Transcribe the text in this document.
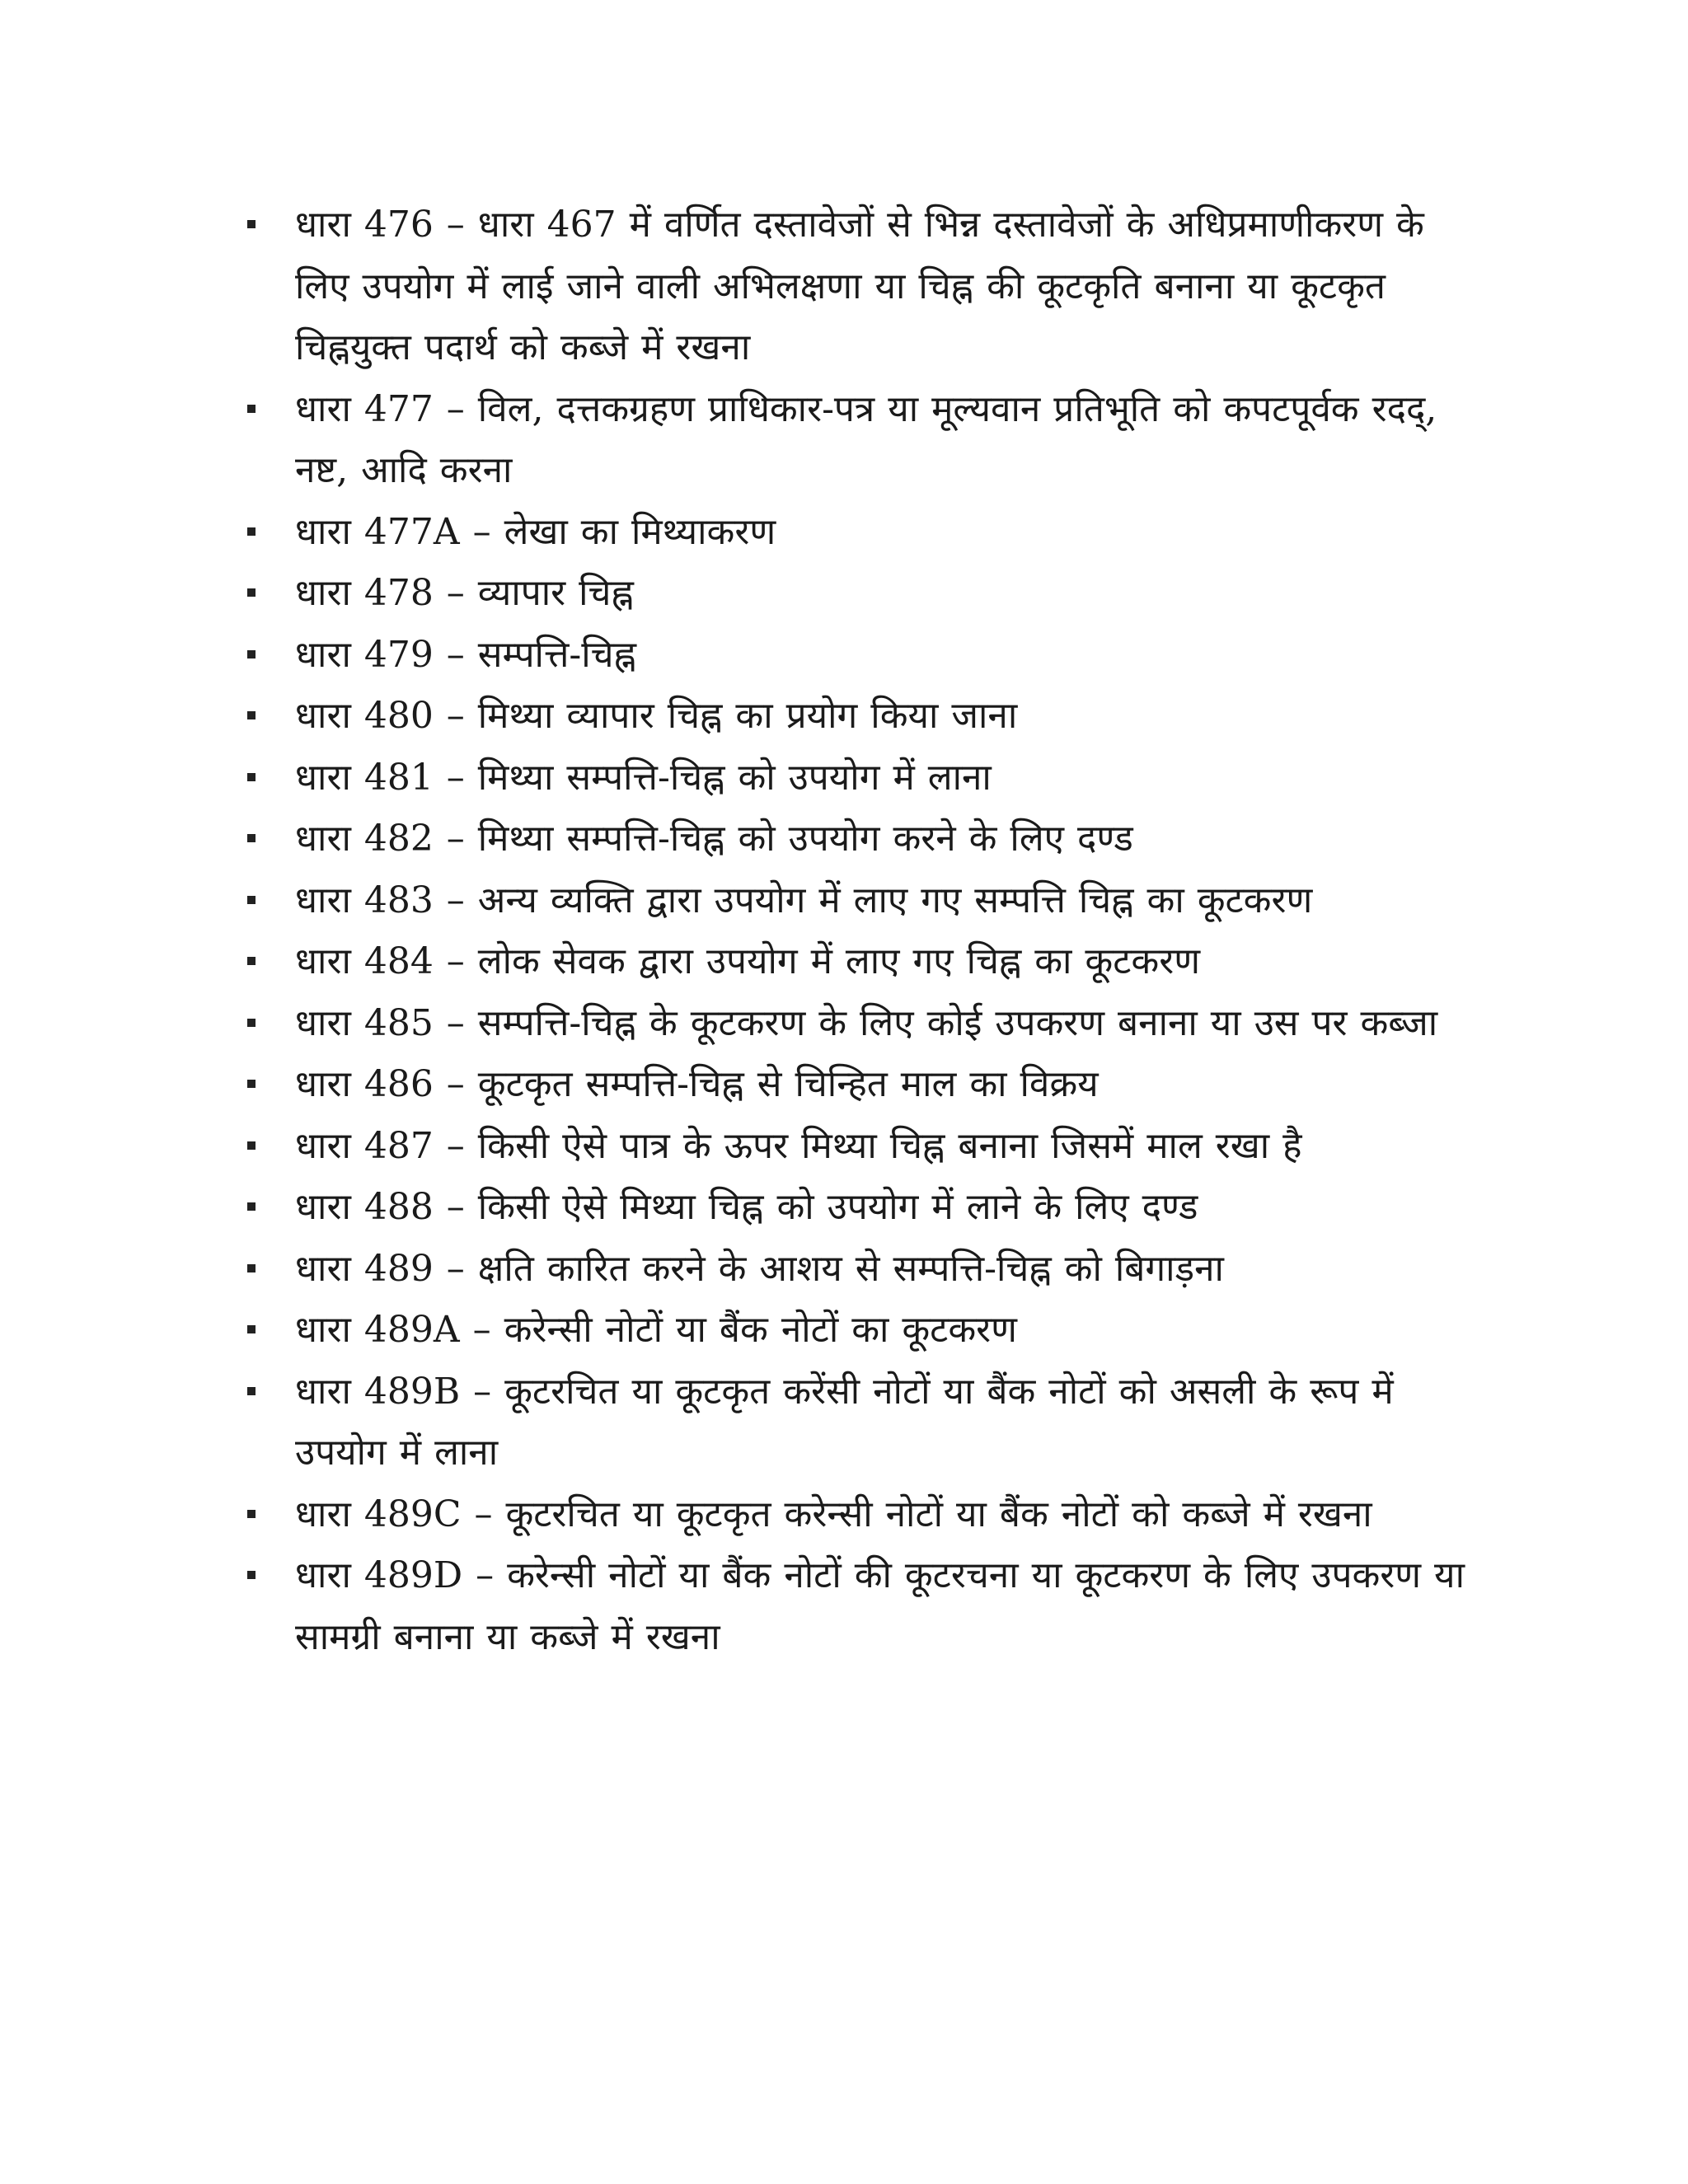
धारा 476 – धारा 467 में वर्णित दस्तावेजों से भिन्न दस्तावेजों के अधिप्रमाणीकरण के लिए उपयोग में लाई जाने वाली अभिलक्षणा या चिह्न की कूटकृति बनाना या कूटकृत चिह्नयुक्त पदार्थ को कब्जे में रखना
धारा 477 – विल, दत्तकग्रहण प्राधिकार-पत्र या मूल्यवान प्रतिभूति को कपटपूर्वक रदद्, नष्ट, आदि करना
धारा 477A – लेखा का मिथ्याकरण
धारा 478 – व्यापार चिह्न
धारा 479 – सम्पत्ति-चिह्न
धारा 480 – मिथ्या व्यापार चिह्न का प्रयोग किया जाना
धारा 481 – मिथ्या सम्पत्ति-चिह्न को उपयोग में लाना
धारा 482 – मिथ्या सम्पत्ति-चिह्न को उपयोग करने के लिए दण्ड
धारा 483 – अन्य व्यक्ति द्वारा उपयोग में लाए गए सम्पत्ति चिह्न का कूटकरण
धारा 484 – लोक सेवक द्वारा उपयोग में लाए गए चिह्न का कूटकरण
धारा 485 – सम्पत्ति-चिह्न के कूटकरण के लिए कोई उपकरण बनाना या उस पर कब्जा
धारा 486 – कूटकृत सम्पत्ति-चिह्न से चिन्हित माल का विक्रय
धारा 487 – किसी ऐसे पात्र के ऊपर मिथ्या चिह्न बनाना जिसमें माल रखा है
धारा 488 – किसी ऐसे मिथ्या चिह्न को उपयोग में लाने के लिए दण्ड
धारा 489 – क्षति कारित करने के आशय से सम्पत्ति-चिह्न को बिगाड़ना
धारा 489A – करेन्सी नोटों या बैंक नोटों का कूटकरण
धारा 489B – कूटरचित या कूटकृत करेंसी नोटों या बैंक नोटों को असली के रूप में उपयोग में लाना
धारा 489C – कूटरचित या कूटकृत करेन्सी नोटों या बैंक नोटों को कब्जे में रखना
धारा 489D – करेन्सी नोटों या बैंक नोटों की कूटरचना या कूटकरण के लिए उपकरण या सामग्री बनाना या कब्जे में रखना
